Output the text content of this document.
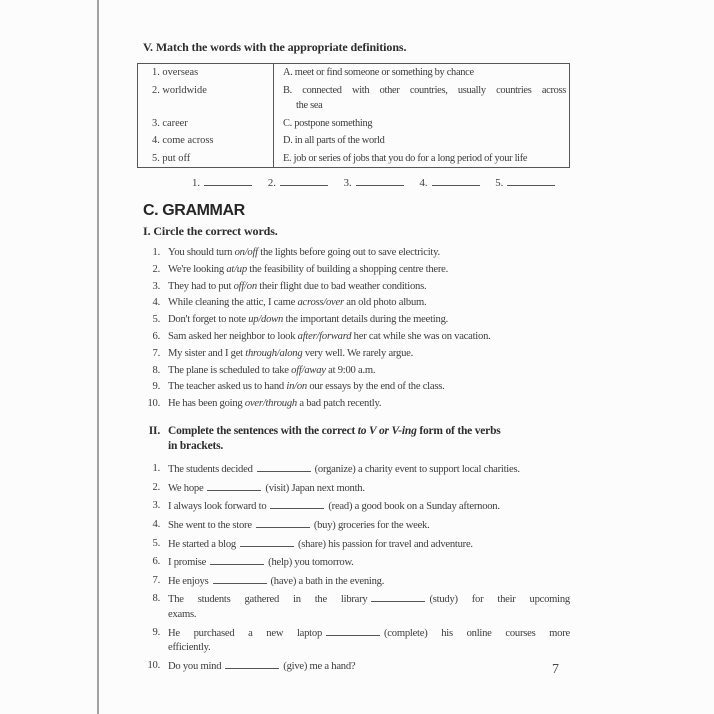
V. Match the words with the appropriate definitions.
1. overseas	A. meet or find someone or something by chance
2. worldwide	B. connected with other countries, usually countries across
the sea

3. career	C. postpone something
4. come across	D. in all parts of the world
5. put off	E. job or series of jobs that you do for a long period of your life
1.	2.	3.	4.	5.
C. GRAMMAR
I. Circle the correct words.
1. You should turn on/off the lights before going out to save electricity.
2. We're looking at/up the feasibility of building a shopping centre there.
3. They had to put off/on their flight due to bad weather conditions.
4. While cleaning the attic, I came across/over an old photo album.
5. Don't forget to note up/down the important details during the meeting.
6. Sam asked her neighbor to look after/forward her cat while she was on vacation.
7. My sister and I get through/along very well. We rarely argue.
8. The plane is scheduled to take off/away at 9:00 a.m.
9. The teacher asked us to hand in/on our essays by the end of the class.
10. He has been going over/through a bad patch recently.
II. Complete the sentences with the correct to V or V-ing form of the verbs
in brackets.
1. The students decided	(organize) a charity event to support local charities.
2. We hope	(visit) Japan next month.
3. I always look forward to	(read) a good book on a Sunday afternoon.
4. She went to the store	(buy) groceries for the week.
5. He started a blog	(share) his passion for travel and adventure.
6. I promise	(help) you tomorrow.
7. He enjoys	(have) a bath in the evening.
8. The students gathered in the library	(study) for their upcoming
exams.
9. He purchased a new laptop	(complete) his online courses more
efficiently.
10. Do you mind	(give) me a hand?	7
